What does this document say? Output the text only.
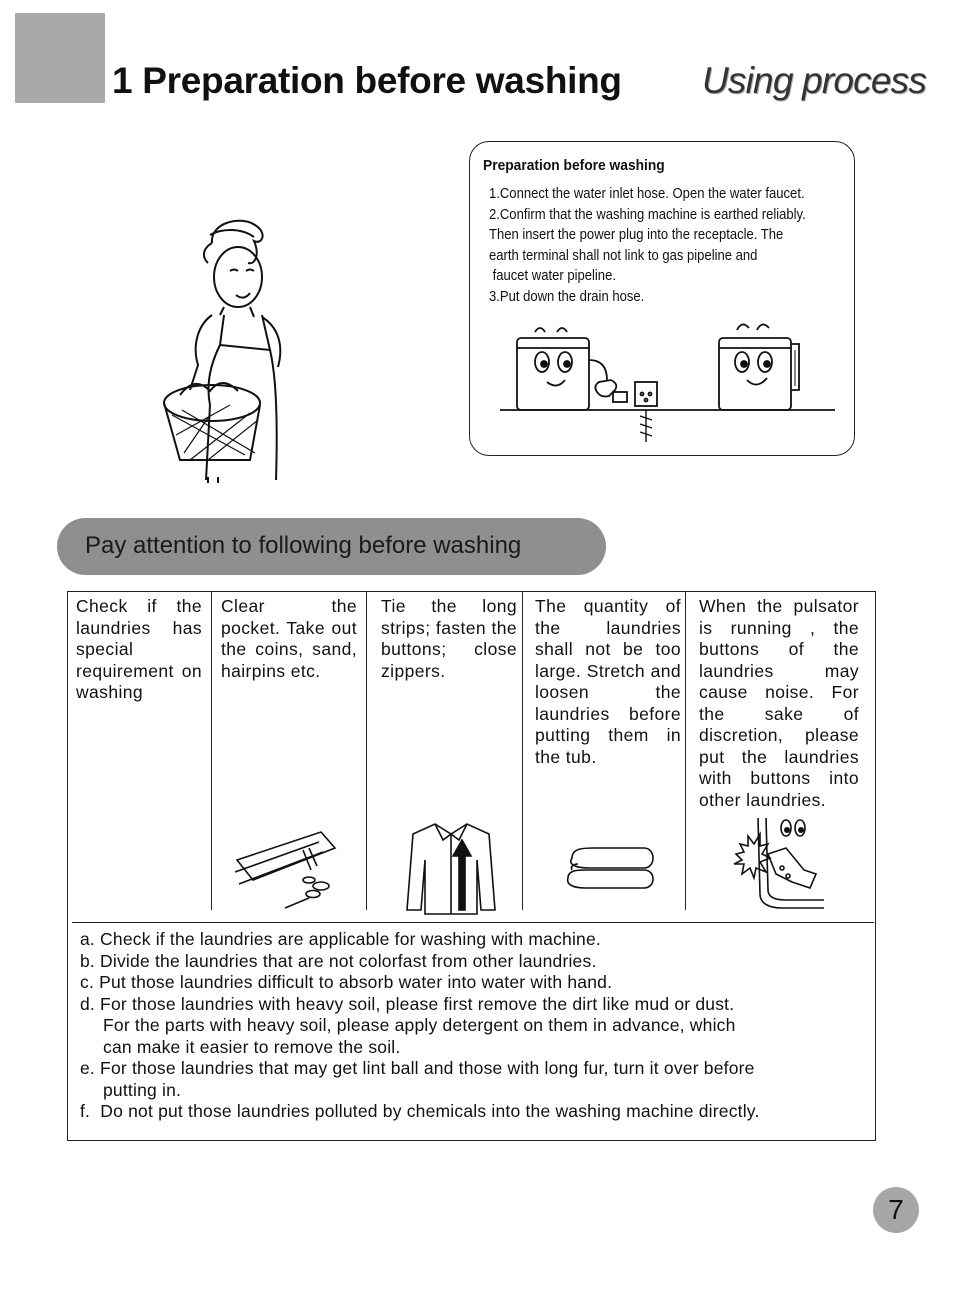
1 Preparation before washing Using process
Preparation before washing
1.Connect the water inlet hose. Open the water faucet.
2.Confirm that the washing machine is earthed reliably.
Then insert the power plug into the receptacle. The
earth terminal shall not link to gas pipeline and
faucet water pipeline.
3.Put down the drain hose.
Pay attention to following before washing
Check if the laundries has special requirement on washing
Clear the pocket. Take out the coins, sand, hairpins etc.
Tie the long strips; fasten the buttons; close zippers.
The quantity of the laundries shall not be too large. Stretch and loosen the laundries before putting them in the tub.
When the pulsator is running , the buttons of the laundries may cause noise. For the sake of discretion, please put the laundries with buttons into other laundries.
a. Check if the laundries are applicable for washing with machine.
b. Divide the laundries that are not colorfast from other laundries.
c. Put those laundries difficult to absorb water into water with hand.
d. For those laundries with heavy soil, please first remove the dirt like mud or dust.
For the parts with heavy soil, please apply detergent on them in advance, which
can make it easier to remove the soil.
e. For those laundries that may get lint ball and those with long fur, turn it over before
putting in.
f.  Do not put those laundries polluted by chemicals into the washing machine directly.
7
